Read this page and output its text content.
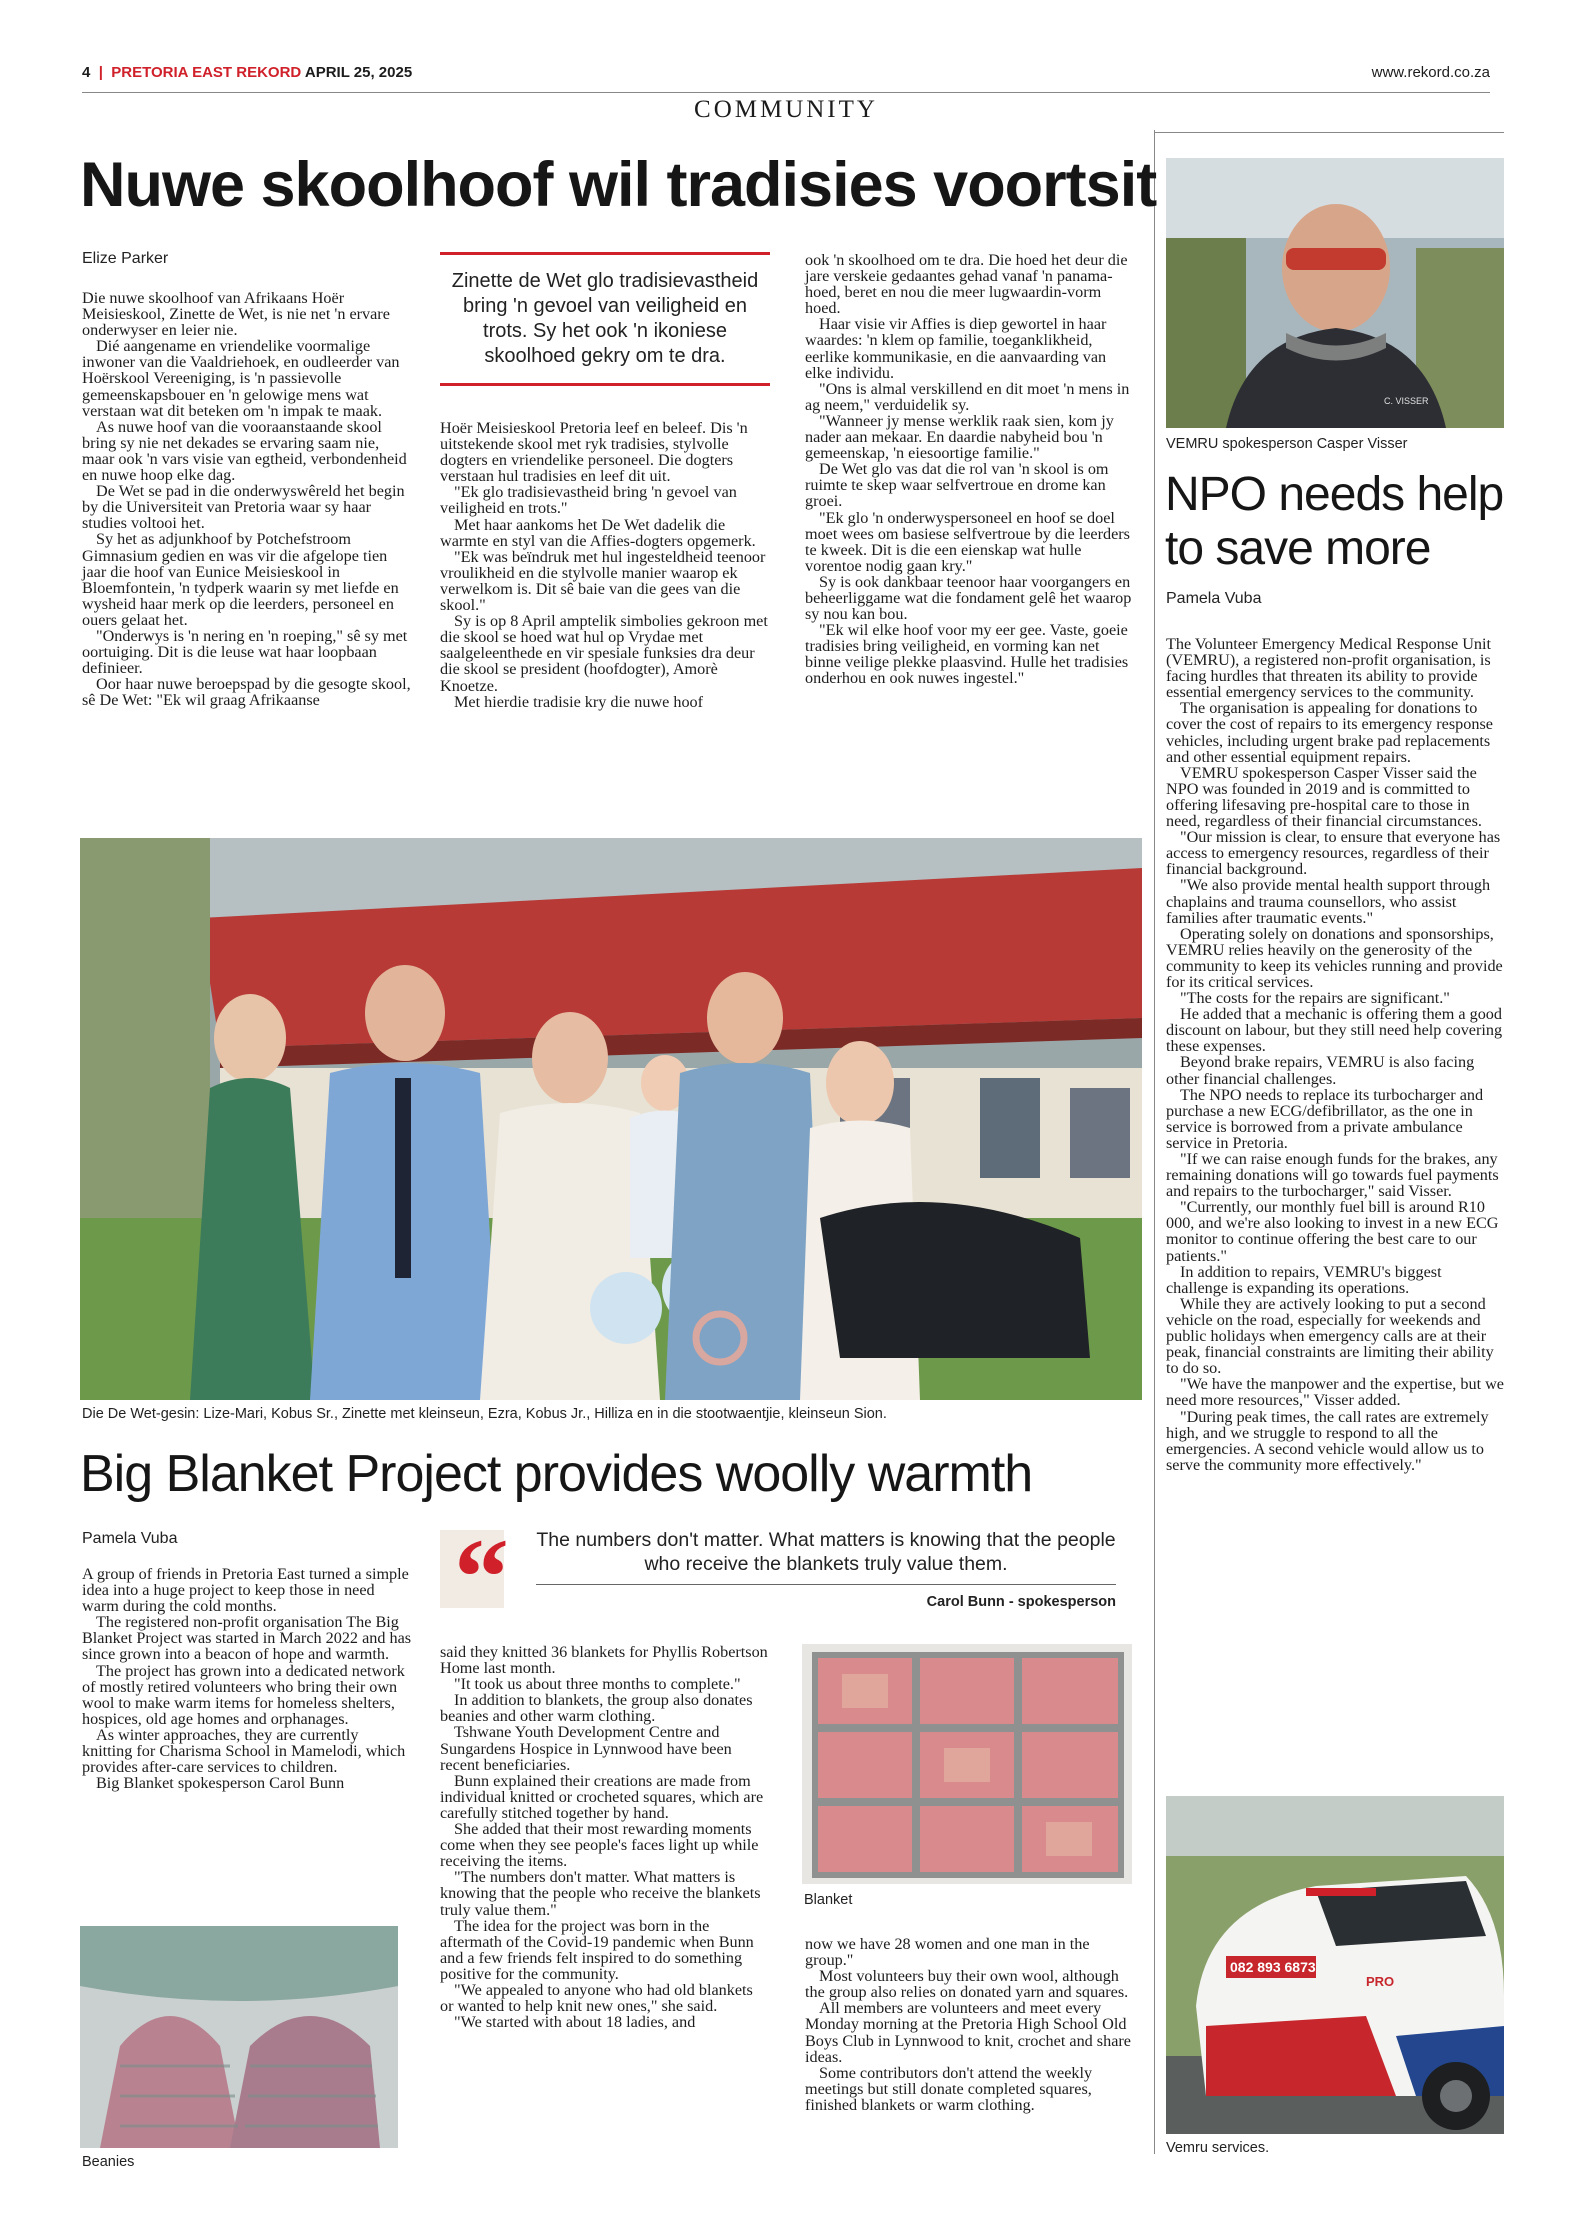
4 | PRETORIA EAST REKORD APRIL 25, 2025	www.rekord.co.za
COMMUNITY
Nuwe skoolhoof wil tradisies voortsit
Elize Parker

Die nuwe skoolhoof van Afrikaans Hoër Meisieskool, Zinette de Wet, is nie net 'n ervare onderwyser en leier nie.

Dié aangename en vriendelike voormalige inwoner van die Vaaldriehoek, en oudleerder van Hoërskool Vereeniging, is 'n passievolle gemeenskapsbouer en 'n gelowige mens wat verstaan wat dit beteken om 'n impak te maak.

As nuwe hoof van die vooraanstaande skool bring sy nie net dekades se ervaring saam nie, maar ook 'n vars visie van egtheid, verbondenheid en nuwe hoop elke dag.

De Wet se pad in die onderwyswêreld het begin by die Universiteit van Pretoria waar sy haar studies voltooi het.

Sy het as adjunkhoof by Potchefstroom Gimnasium gedien en was vir die afgelope tien jaar die hoof van Eunice Meisieskool in Bloemfontein, 'n tydperk waarin sy met liefde en wysheid haar merk op die leerders, personeel en ouers gelaat het.

"Onderwys is 'n nering en 'n roeping," sê sy met oortuiging. Dit is die leuse wat haar loopbaan definieer.

Oor haar nuwe beroepspad by die gesogte skool, sê De Wet: "Ek wil graag Afrikaanse

Zinette de Wet glo tradisievastheid bring 'n gevoel van veiligheid en trots. Sy het ook 'n ikoniese skoolhoed gekry om te dra.

Hoër Meisieskool Pretoria leef en beleef. Dis 'n uitstekende skool met ryk tradisies, stylvolle dogters en vriendelike personeel. Die dogters verstaan hul tradisies en leef dit uit.

"Ek glo tradisievastheid bring 'n gevoel van veiligheid en trots."

Met haar aankoms het De Wet dadelik die warmte en styl van die Affies-dogters opgemerk.

"Ek was beïndruk met hul ingesteldheid teenoor vroulikheid en die stylvolle manier waarop ek verwelkom is. Dit sê baie van die gees van die skool."

Sy is op 8 April amptelik simbolies gekroon met die skool se hoed wat hul op Vrydae met saalgeleenthede en vir spesiale funksies dra deur die skool se president (hoofdogter), Amorè Knoetze.

Met hierdie tradisie kry die nuwe hoof

ook 'n skoolhoed om te dra. Die hoed het deur die jare verskeie gedaantes gehad vanaf 'n panama-hoed, beret en nou die meer lugwaardin-vorm hoed.

Haar visie vir Affies is diep gewortel in haar waardes: 'n klem op familie, toeganklikheid, eerlike kommunikasie, en die aanvaarding van elke individu.

"Ons is almal verskillend en dit moet 'n mens in ag neem," verduidelik sy.

"Wanneer jy mense werklik raak sien, kom jy nader aan mekaar. En daardie nabyheid bou 'n gemeenskap, 'n eiesoortige familie."

De Wet glo vas dat die rol van 'n skool is om ruimte te skep waar selfvertroue en drome kan groei.

"Ek glo 'n onderwyspersoneel en hoof se doel moet wees om basiese selfvertroue by die leerders te kweek. Dit is die een eienskap wat hulle vorentoe nodig gaan kry."

Sy is ook dankbaar teenoor haar voorgangers en beheerliggame wat die fondament gelê het waarop sy nou kan bou.

"Ek wil elke hoof voor my eer gee. Vaste, goeie tradisies bring veiligheid, en vorming kan net binne veilige plekke plaasvind. Hulle het tradisies onderhou en ook nuwes ingestel."

Die De Wet-gesin: Lize-Mari, Kobus Sr., Zinette met kleinseun, Ezra, Kobus Jr., Hilliza en in die stootwaentjie, kleinseun Sion.
Big Blanket Project provides woolly warmth
Pamela Vuba	“ The numbers don't matter. What matters is knowing that the people who receive the blankets truly value them.
Carol Bunn - spokesperson

A group of friends in Pretoria East turned a simple idea into a huge project to keep those in need warm during the cold months.

The registered non-profit organisation The Big Blanket Project was started in March 2022 and has since grown into a beacon of hope and warmth.

The project has grown into a dedicated network of mostly retired volunteers who bring their own wool to make warm items for homeless shelters, hospices, old age homes and orphanages.

As winter approaches, they are currently knitting for Charisma School in Mamelodi, which provides after-care services to children.

Big Blanket spokesperson Carol Bunn

Beanies

said they knitted 36 blankets for Phyllis Robertson Home last month.

"It took us about three months to complete."

In addition to blankets, the group also donates beanies and other warm clothing.

Tshwane Youth Development Centre and Sungardens Hospice in Lynnwood have been recent beneficiaries.

Bunn explained their creations are made from individual knitted or crocheted squares, which are carefully stitched together by hand.

She added that their most rewarding moments come when they see people's faces light up while receiving the items.

"The numbers don't matter. What matters is knowing that the people who receive the blankets truly value them."

The idea for the project was born in the aftermath of the Covid-19 pandemic when Bunn and a few friends felt inspired to do something positive for the community.

"We appealed to anyone who had old blankets or wanted to help knit new ones," she said.

"We started with about 18 ladies, and

Blanket

now we have 28 women and one man in the group."

Most volunteers buy their own wool, although the group also relies on donated yarn and squares.

All members are volunteers and meet every Monday morning at the Pretoria High School Old Boys Club in Lynnwood to knit, crochet and share ideas.

Some contributors don't attend the weekly meetings but still donate completed squares, finished blankets or warm clothing.

C. VISSER
VEMRU spokesperson Casper Visser
NPO needs help to save more
Pamela Vuba

The Volunteer Emergency Medical Response Unit (VEMRU), a registered non-profit organisation, is facing hurdles that threaten its ability to provide essential emergency services to the community.

The organisation is appealing for donations to cover the cost of repairs to its emergency response vehicles, including urgent brake pad replacements and other essential equipment repairs.

VEMRU spokesperson Casper Visser said the NPO was founded in 2019 and is committed to offering lifesaving pre-hospital care to those in need, regardless of their financial circumstances.

"Our mission is clear, to ensure that everyone has access to emergency resources, regardless of their financial background.

"We also provide mental health support through chaplains and trauma counsellors, who assist families after traumatic events."

Operating solely on donations and sponsorships, VEMRU relies heavily on the generosity of the community to keep its vehicles running and provide for its critical services.

"The costs for the repairs are significant."

He added that a mechanic is offering them a good discount on labour, but they still need help covering these expenses.

Beyond brake repairs, VEMRU is also facing other financial challenges.

The NPO needs to replace its turbocharger and purchase a new ECG/defibrillator, as the one in service is borrowed from a private ambulance service in Pretoria.

"If we can raise enough funds for the brakes, any remaining donations will go towards fuel payments and repairs to the turbocharger," said Visser.

"Currently, our monthly fuel bill is around R10 000, and we're also looking to invest in a new ECG monitor to continue offering the best care to our patients."

In addition to repairs, VEMRU's biggest challenge is expanding its operations.

While they are actively looking to put a second vehicle on the road, especially for weekends and public holidays when emergency calls are at their peak, financial constraints are limiting their ability to do so.

"We have the manpower and the expertise, but we need more resources," Visser added.

"During peak times, the call rates are extremely high, and we struggle to respond to all the emergencies. A second vehicle would allow us to serve the community more effectively."

082 893 6873
PRO
Vemru services.
